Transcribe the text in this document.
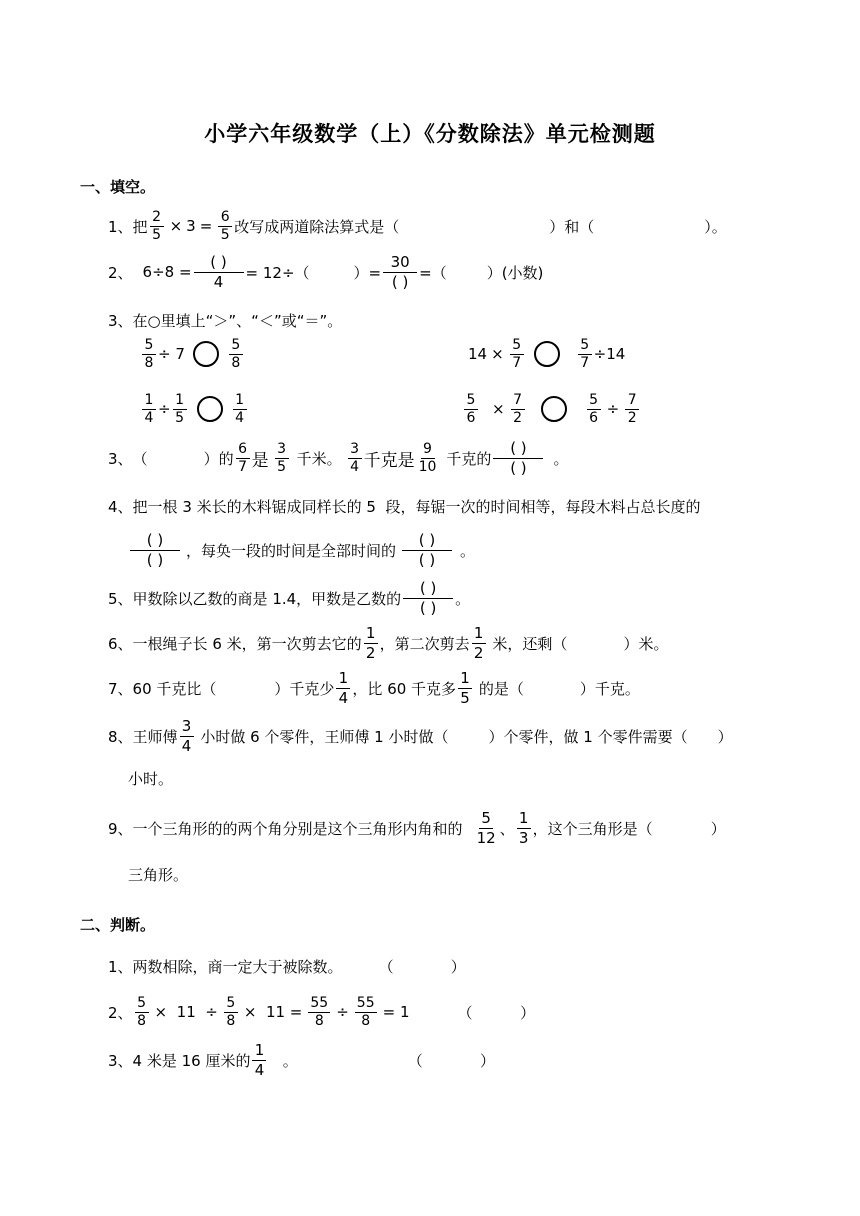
小学六年级数学（上）《分数除法》单元检测题
一、填空。
1、 把 $\frac{2}{5} \times 3 = \frac{6}{5}$ 改写成两道除法算式是（	）和（	）。
2、 $6\div 8 = \frac{( )}{4} = 12\div$（	）= $\frac{30}{( )}$ =（	）(小数)
3、 在○里填上“＞”、“＜”或“＝”。
$\frac{5}{8} \div 7$	$\frac{5}{8}$	$14 \times \frac{5}{7}$	$\frac{5}{7} \div 14$
$\frac{1}{4} \div \frac{1}{5}$	$\frac{1}{4}$	$\frac{5}{6} \times \frac{7}{2}$	$\frac{5}{6} \div \frac{7}{2}$
3、 （	）的 $\frac{6}{7}$ 是 $\frac{3}{5}$ 千米。 $\frac{3}{4}$ 千克是 $\frac{9}{10}$ 千克的 $\frac{( )}{( )}$ 。
4、 把一根 3 米长的木料锯成同样长的 5  段，每锯一次的时间相等，每段木料占总长度的
$\frac{( )}{( )}$ ，每奂一段的时间是全部时间的 $\frac{( )}{( )}$ 。
5、 甲数除以乙数的商是 1.4，甲数是乙数的 $\frac{( )}{( )}$ 。
6、 一根绳子长 6 米，第一次剪去它的 $\frac{1}{2}$ ，第二次剪去 $\frac{1}{2}$ 米，还剩（	）米。
7、 60 千克比（	）千克少 $\frac{1}{4}$ ，比 60 千克多 $\frac{1}{5}$ 的是（	）千克。
8、 王师傅 $\frac{3}{4}$ 小时做 6 个零件，王师傅 1 小时做（	）个零件，做 1 个零件需要（ ）
小时。
9、 一个三角形的的两个角分别是这个三角形内角和的 $\frac{5}{12}$ 、 $\frac{1}{3}$ ，这个三角形是（	）
三角形。
二、判断。
1、 两数相除，商一定大于被除数。 （            ）
2、 $\frac{5}{8} \times 11 \div \frac{5}{8} \times 11 = \frac{55}{8} \div \frac{55}{8} = 1$	（          ）
3、 4 米是 16 厘米的 $\frac{1}{4}$ 。	（            ）
